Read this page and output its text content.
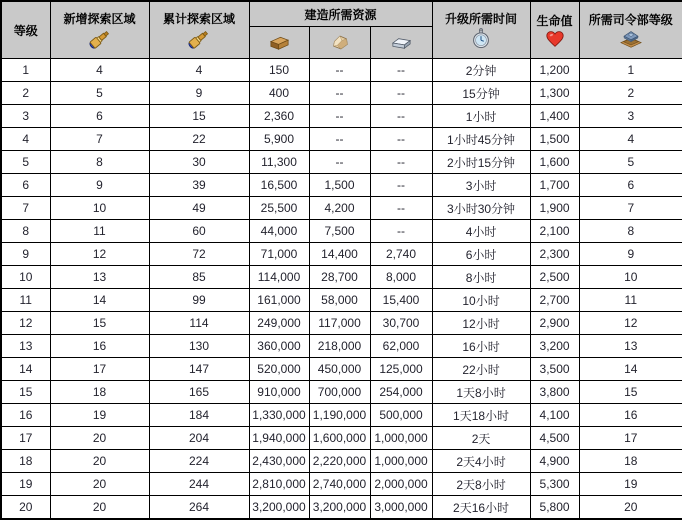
等级	新增探索区域	累计探索区域	建造所需资源			升级所需时间	生命值	所需司令部等级

1	4	4	150	--	--	2分钟	1,200	1
2	5	9	400	--	--	15分钟	1,300	2
3	6	15	2,360	--	--	1小时	1,400	3
4	7	22	5,900	--	--	1小时45分钟	1,500	4
5	8	30	11,300	--	--	2小时15分钟	1,600	5
6	9	39	16,500	1,500	--	3小时	1,700	6
7	10	49	25,500	4,200	--	3小时30分钟	1,900	7
8	11	60	44,000	7,500	--	4小时	2,100	8
9	12	72	71,000	14,400	2,740	6小时	2,300	9
10	13	85	114,000	28,700	8,000	8小时	2,500	10
11	14	99	161,000	58,000	15,400	10小时	2,700	11
12	15	114	249,000	117,000	30,700	12小时	2,900	12
13	16	130	360,000	218,000	62,000	16小时	3,200	13
14	17	147	520,000	450,000	125,000	22小时	3,500	14
15	18	165	910,000	700,000	254,000	1天8小时	3,800	15
16	19	184	1,330,000	1,190,000	500,000	1天18小时	4,100	16
17	20	204	1,940,000	1,600,000	1,000,000	2天	4,500	17
18	20	224	2,430,000	2,220,000	1,000,000	2天4小时	4,900	18
19	20	244	2,810,000	2,740,000	2,000,000	2天8小时	5,300	19
20	20	264	3,200,000	3,200,000	3,000,000	2天16小时	5,800	20
